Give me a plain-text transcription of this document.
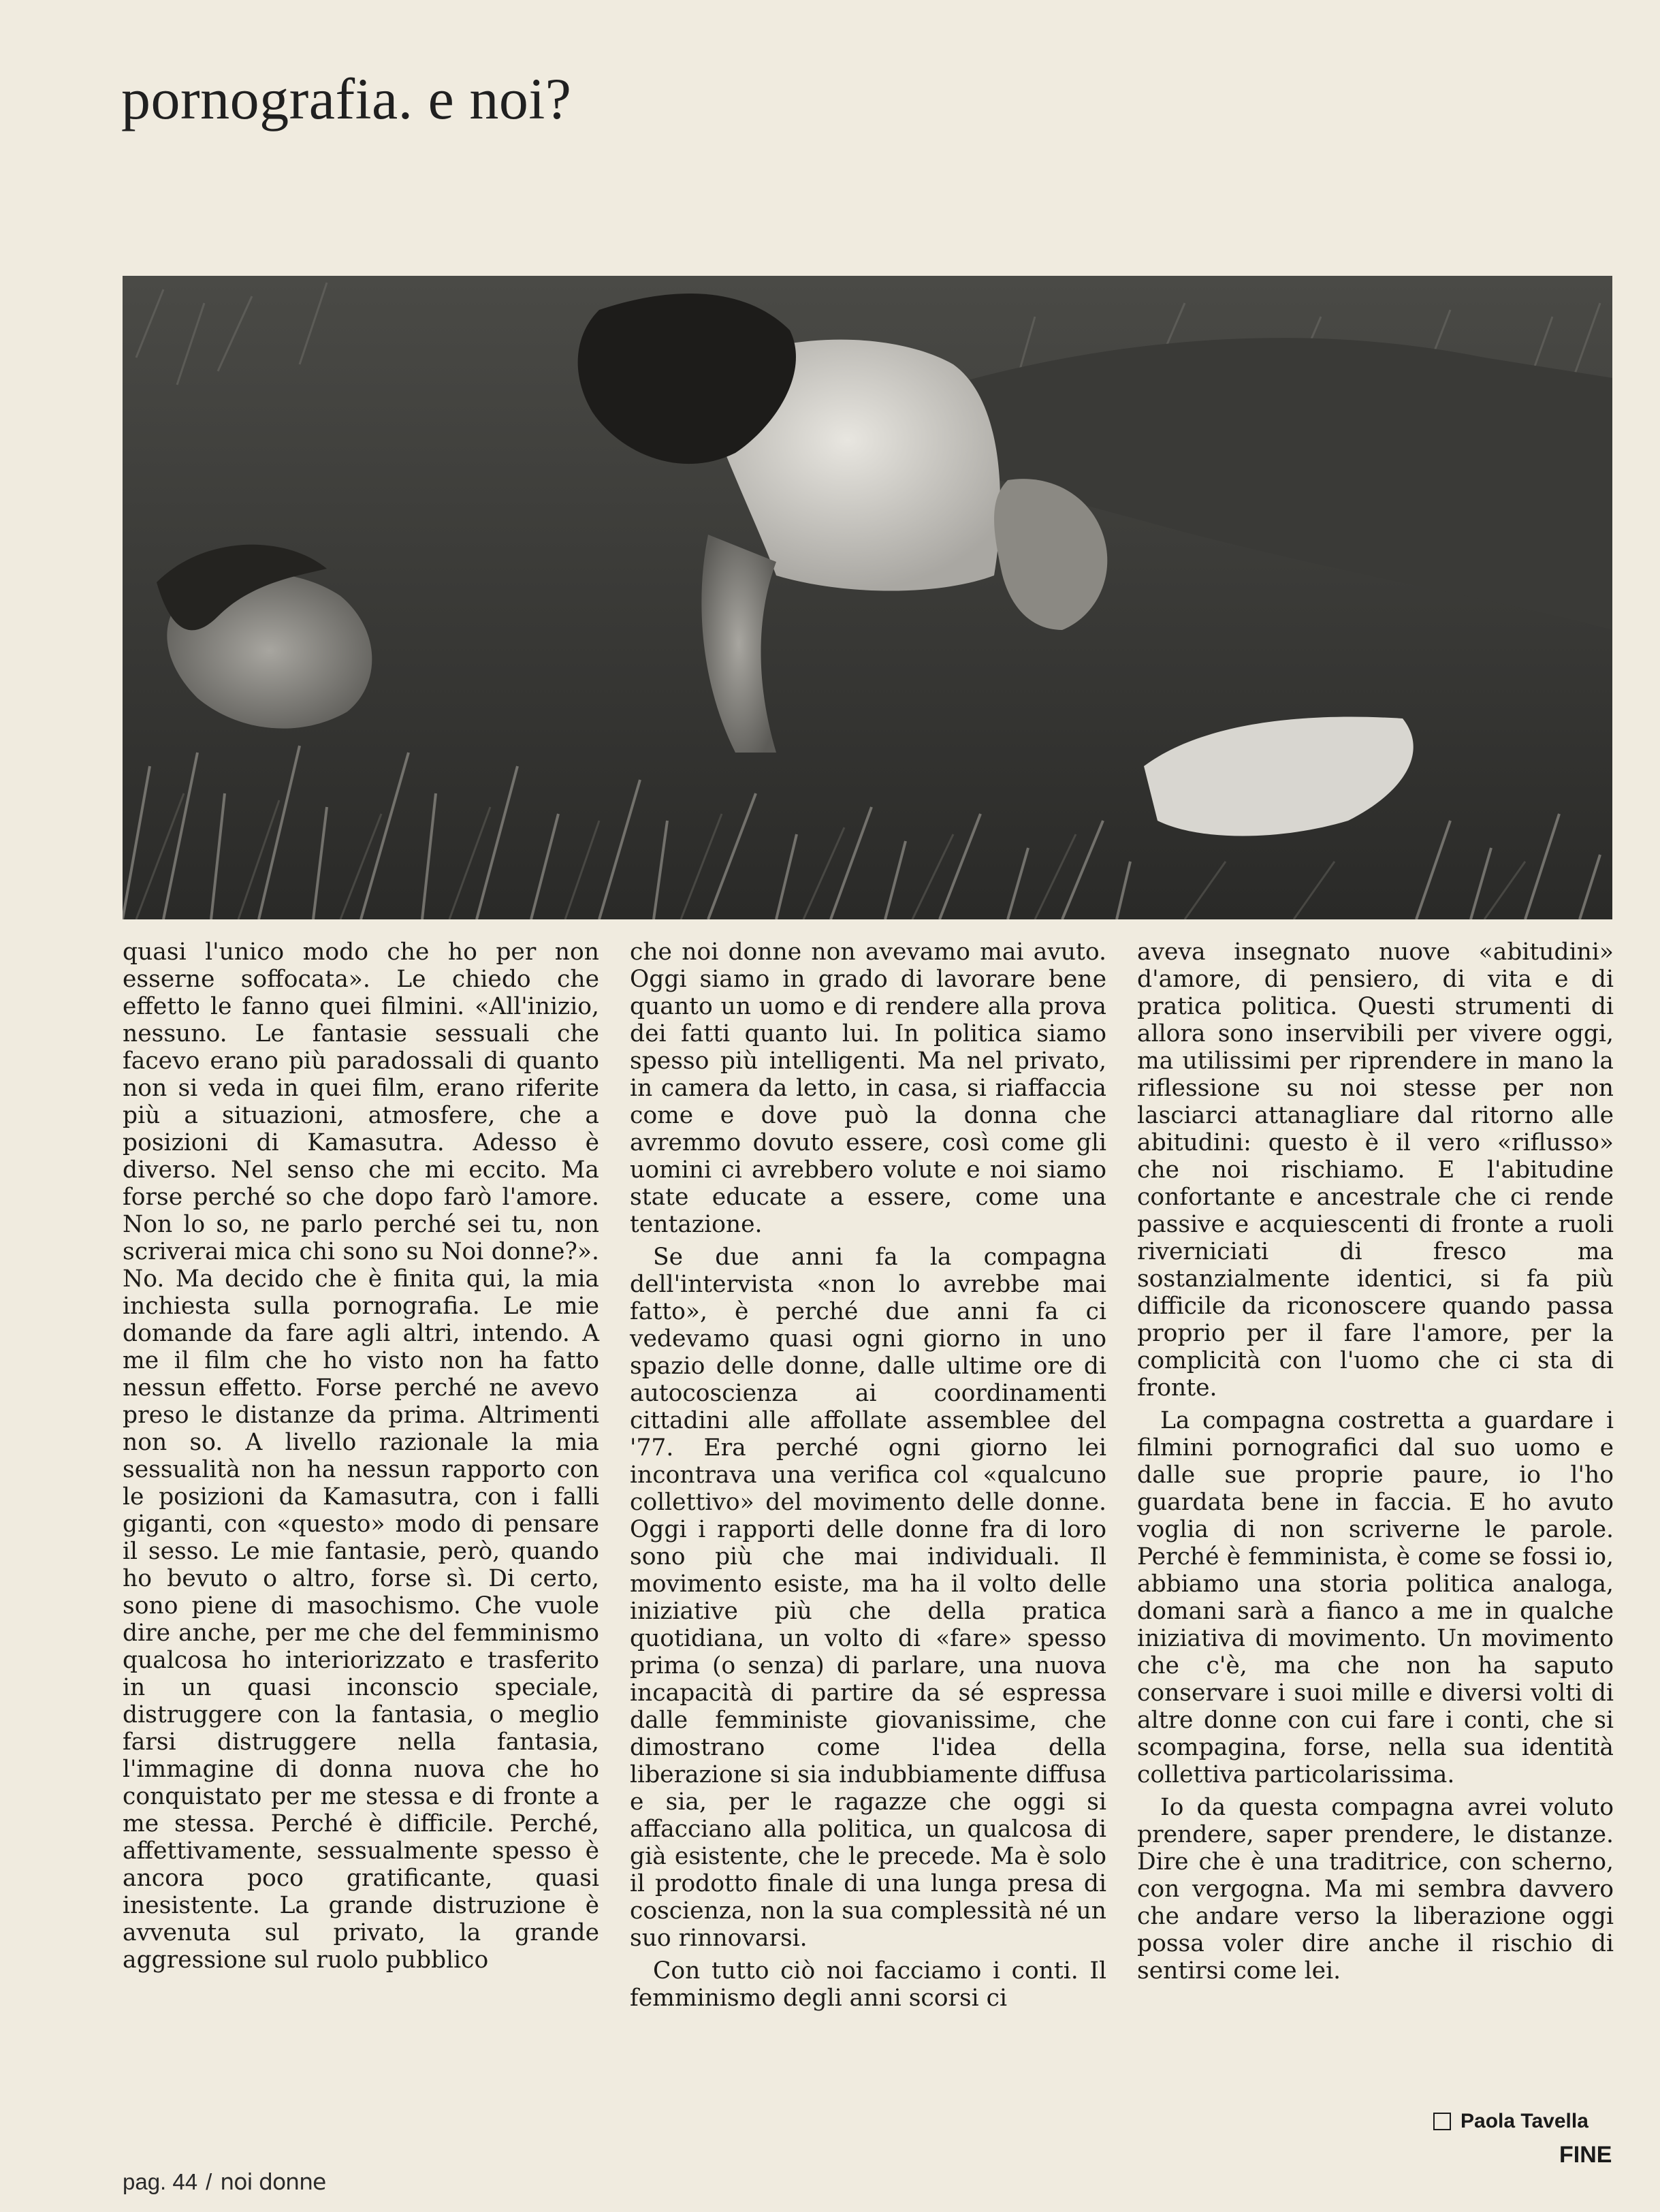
pornografia. e noi?

quasi l'unico modo che ho per non esserne soffocata». Le chiedo che effetto le fanno quei filmini. «All'inizio, nessuno. Le fantasie sessuali che facevo erano più paradossali di quanto non si veda in quei film, erano riferite più a situazioni, atmosfere, che a posizioni di Kamasutra. Adesso è diverso. Nel senso che mi eccito. Ma forse perché so che dopo farò l'amore. Non lo so, ne parlo perché sei tu, non scriverai mica chi sono su Noi donne?». No. Ma decido che è finita qui, la mia inchiesta sulla pornografia. Le mie domande da fare agli altri, intendo. A me il film che ho visto non ha fatto nessun effetto. Forse perché ne avevo preso le distanze da prima. Altrimenti non so. A livello razionale la mia sessualità non ha nessun rapporto con le posizioni da Kamasutra, con i falli giganti, con «questo» modo di pensare il sesso. Le mie fantasie, però, quando ho bevuto o altro, forse sì. Di certo, sono piene di masochismo. Che vuole dire anche, per me che del femminismo qualcosa ho interiorizzato e trasferito in un quasi inconscio speciale, distruggere con la fantasia, o meglio farsi distruggere nella fantasia, l'immagine di donna nuova che ho conquistato per me stessa e di fronte a me stessa. Perché è difficile. Perché, affettivamente, sessualmente spesso è ancora poco gratificante, quasi inesistente. La grande distruzione è avvenuta sul privato, la grande aggressione sul ruolo pubblico

che noi donne non avevamo mai avuto. Oggi siamo in grado di lavorare bene quanto un uomo e di rendere alla prova dei fatti quanto lui. In politica siamo spesso più intelligenti. Ma nel privato, in camera da letto, in casa, si riaffaccia come e dove può la donna che avremmo dovuto essere, così come gli uomini ci avrebbero volute e noi siamo state educate a essere, come una tentazione.

Se due anni fa la compagna dell'intervista «non lo avrebbe mai fatto», è perché due anni fa ci vedevamo quasi ogni giorno in uno spazio delle donne, dalle ultime ore di autocoscienza ai coordinamenti cittadini alle affollate assemblee del '77. Era perché ogni giorno lei incontrava una verifica col «qualcuno collettivo» del movimento delle donne. Oggi i rapporti delle donne fra di loro sono più che mai individuali. Il movimento esiste, ma ha il volto delle iniziative più che della pratica quotidiana, un volto di «fare» spesso prima (o senza) di parlare, una nuova incapacità di partire da sé espressa dalle femministe giovanissime, che dimostrano come l'idea della liberazione si sia indubbiamente diffusa e sia, per le ragazze che oggi si affacciano alla politica, un qualcosa di già esistente, che le precede. Ma è solo il prodotto finale di una lunga presa di coscienza, non la sua complessità né un suo rinnovarsi.

Con tutto ciò noi facciamo i conti. Il femminismo degli anni scorsi ci

aveva insegnato nuove «abitudini» d'amore, di pensiero, di vita e di pratica politica. Questi strumenti di allora sono inservibili per vivere oggi, ma utilissimi per riprendere in mano la riflessione su noi stesse per non lasciarci attanagliare dal ritorno alle abitudini: questo è il vero «riflusso» che noi rischiamo. E l'abitudine confortante e ancestrale che ci rende passive e acquiescenti di fronte a ruoli riverniciati di fresco ma sostanzialmente identici, si fa più difficile da riconoscere quando passa proprio per il fare l'amore, per la complicità con l'uomo che ci sta di fronte.

La compagna costretta a guardare i filmini pornografici dal suo uomo e dalle sue proprie paure, io l'ho guardata bene in faccia. E ho avuto voglia di non scriverne le parole. Perché è femminista, è come se fossi io, abbiamo una storia politica analoga, domani sarà a fianco a me in qualche iniziativa di movimento. Un movimento che c'è, ma che non ha saputo conservare i suoi mille e diversi volti di altre donne con cui fare i conti, che si scompagina, forse, nella sua identità collettiva particolarissima.

Io da questa compagna avrei voluto prendere, saper prendere, le distanze. Dire che è una traditrice, con scherno, con vergogna. Ma mi sembra davvero che andare verso la liberazione oggi possa voler dire anche il rischio di sentirsi come lei.

Paola Tavella
FINE
pag. 44 / noi donne
